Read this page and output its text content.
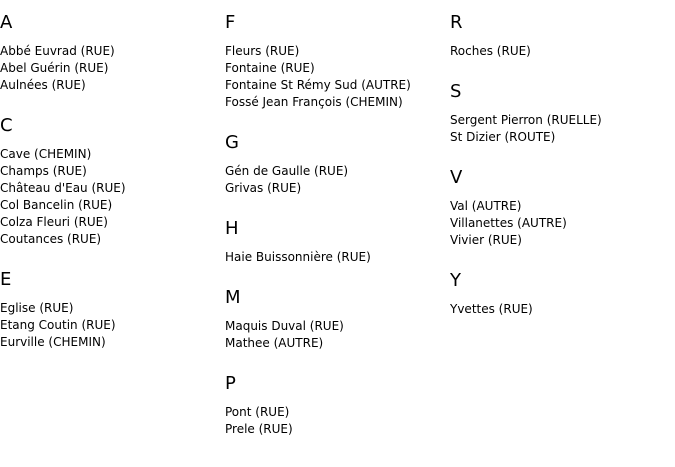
A
Abbé Euvrad (RUE)
Abel Guérin (RUE)
Aulnées (RUE)
C
Cave (CHEMIN)
Champs (RUE)
Château d'Eau (RUE)
Col Bancelin (RUE)
Colza Fleuri (RUE)
Coutances (RUE)
E
Eglise (RUE)
Etang Coutin (RUE)
Eurville (CHEMIN)
F
Fleurs (RUE)
Fontaine (RUE)
Fontaine St Rémy Sud (AUTRE)
Fossé Jean François (CHEMIN)
G
Gén de Gaulle (RUE)
Grivas (RUE)
H
Haie Buissonnière (RUE)
M
Maquis Duval (RUE)
Mathee (AUTRE)
P
Pont (RUE)
Prele (RUE)
R
Roches (RUE)
S
Sergent Pierron (RUELLE)
St Dizier (ROUTE)
V
Val (AUTRE)
Villanettes (AUTRE)
Vivier (RUE)
Y
Yvettes (RUE)
